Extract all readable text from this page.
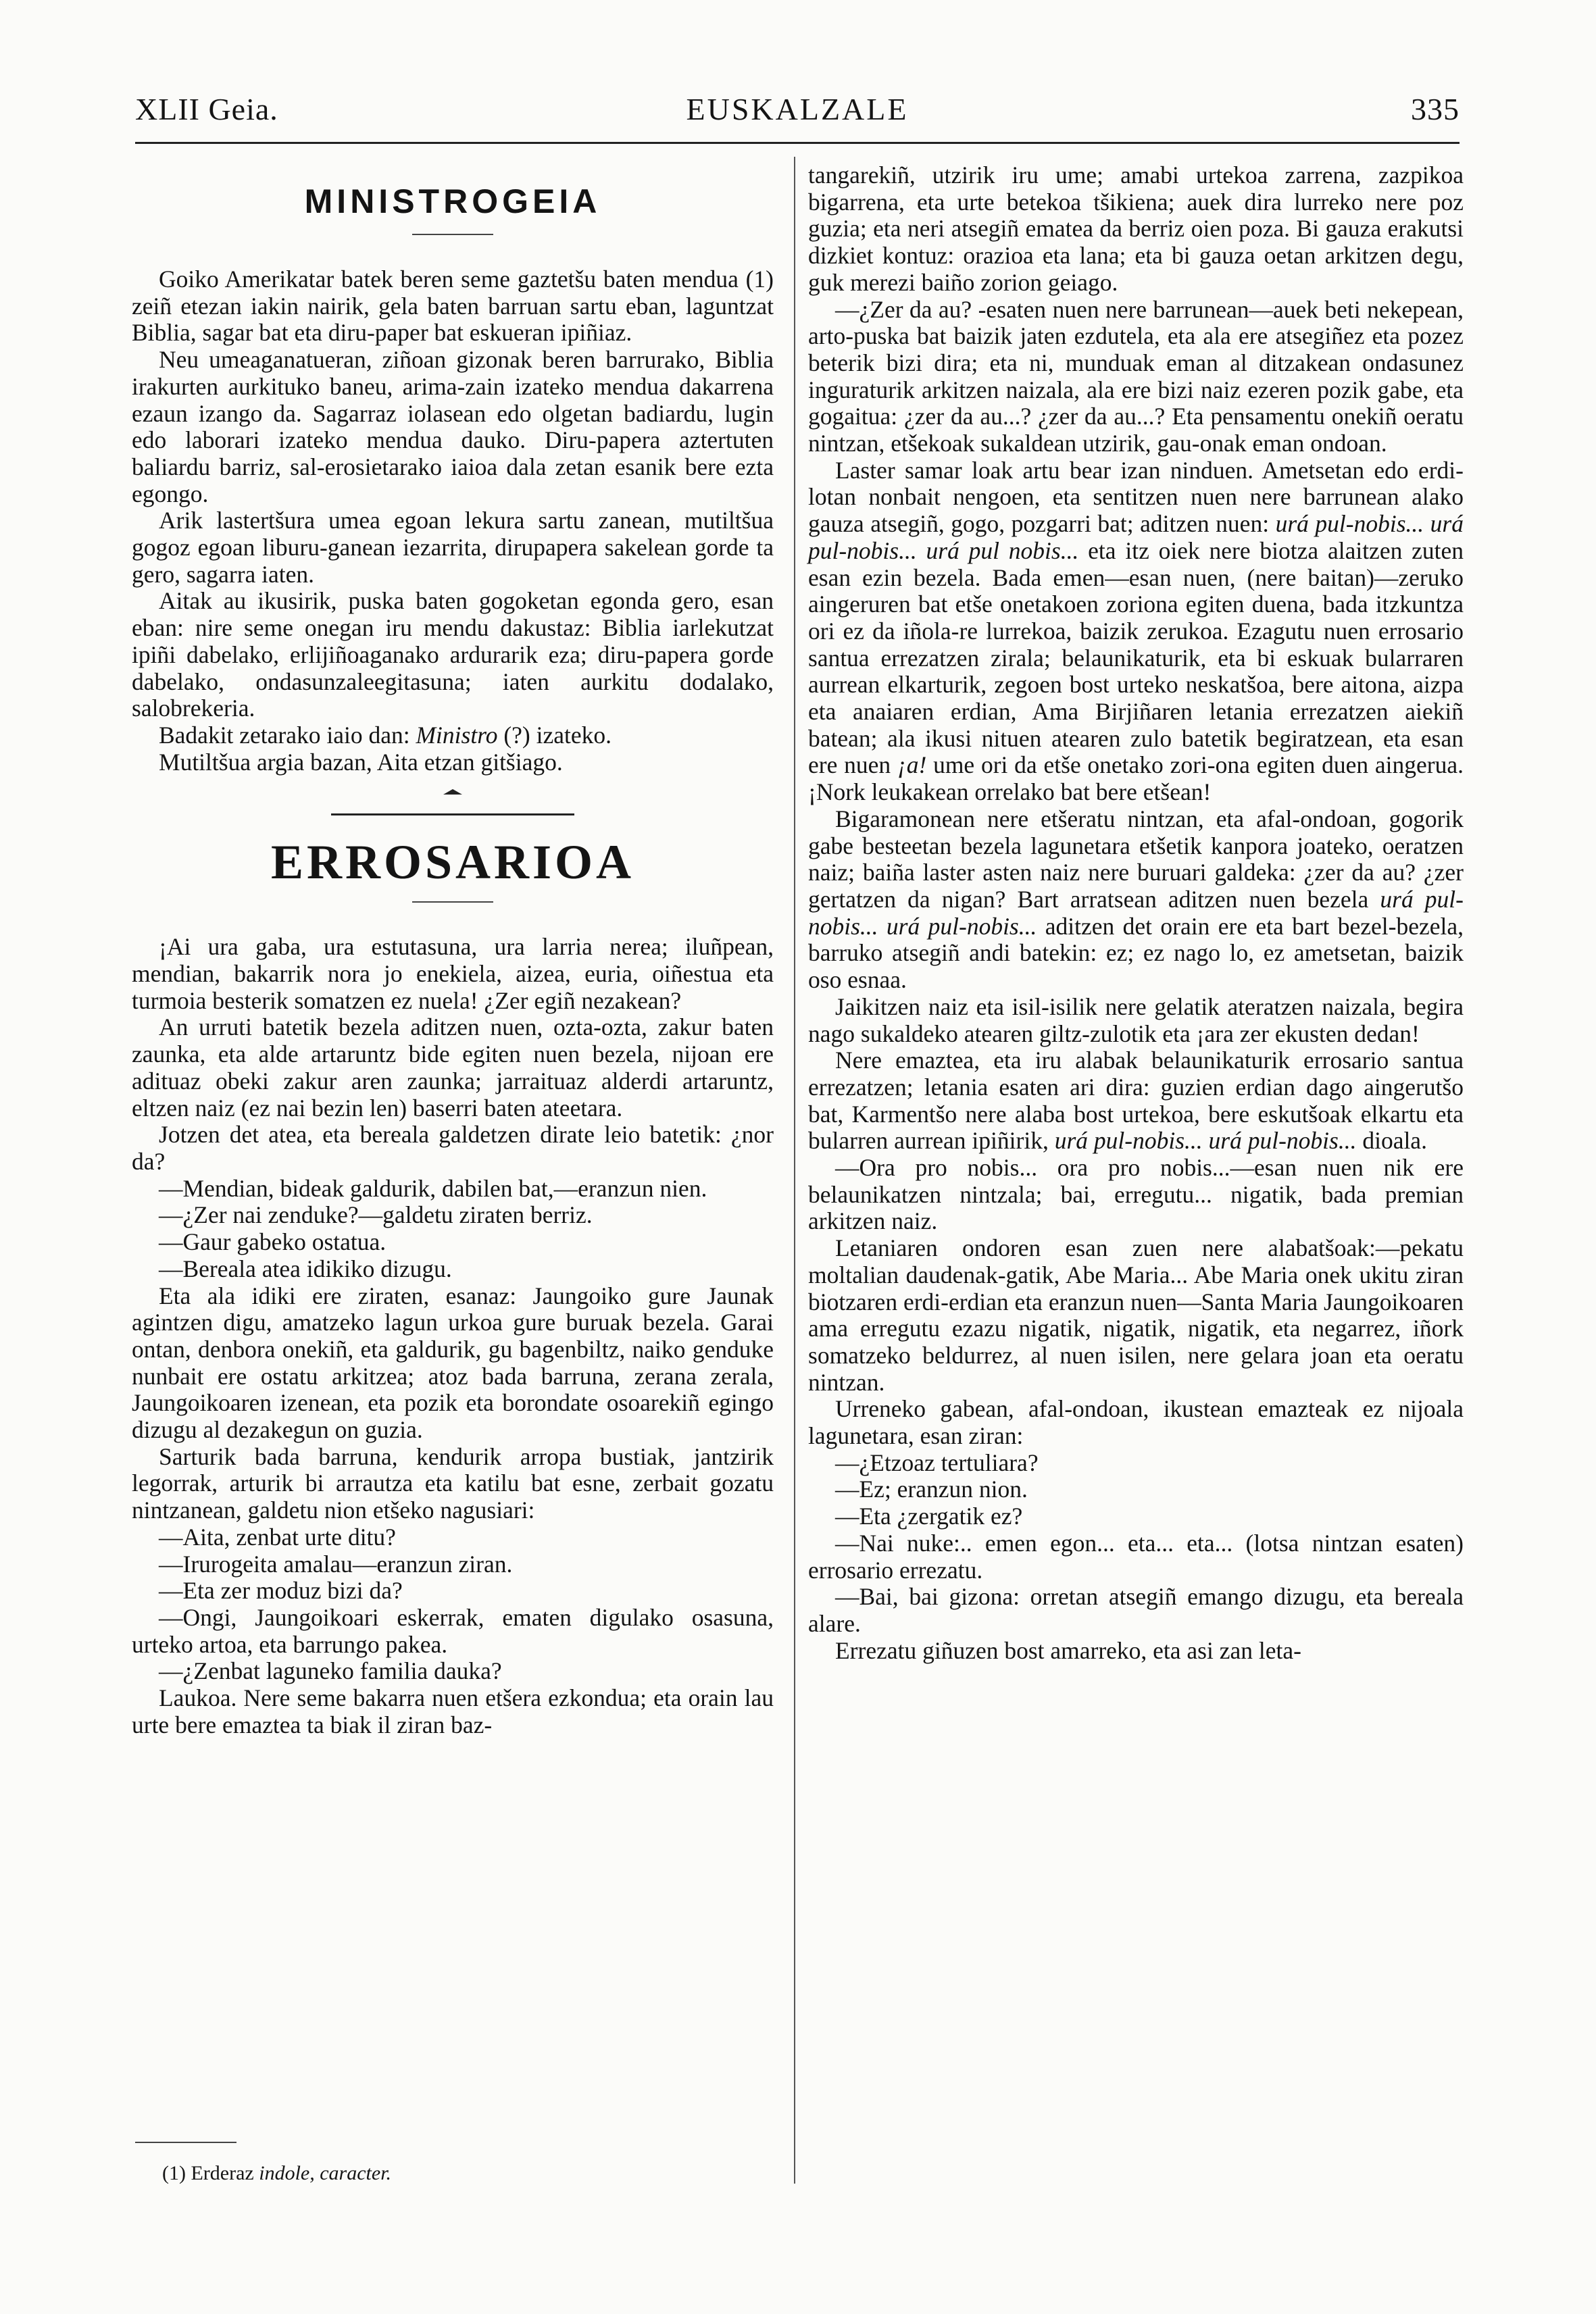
XLII Geia.	EUSKALZALE	335
MINISTROGEIA

Goiko Amerikatar batek beren seme gaztetšu baten mendua (1) zeiñ etezan iakin nairik, gela baten barruan sartu eban, laguntzat Biblia, sagar bat eta diru-paper bat eskueran ipiñiaz.

Neu umeaganatueran, ziñoan gizonak beren barrurako, Biblia irakurten aurkituko baneu, arima-zain izateko mendua dakarrena ezaun izango da. Sagarraz iolasean edo olgetan badiardu, lugin edo laborari izateko mendua dauko. Diru-papera aztertuten baliardu barriz, sal-erosietarako iaioa dala zetan esanik bere ezta egongo.

Arik lastertšura umea egoan lekura sartu zanean, mutiltšua gogoz egoan liburu-ganean iezarrita, dirupapera sakelean gorde ta gero, sagarra iaten.

Aitak au ikusirik, puska baten gogoketan egonda gero, esan eban: nire seme onegan iru mendu dakustaz: Biblia iarlekutzat ipiñi dabelako, erlijiñoaganako ardurarik eza; diru-papera gorde dabelako, ondasunzaleegitasuna; iaten aurkitu dodalako, salobrekeria.

Badakit zetarako iaio dan: Ministro (?) izateko.

Mutiltšua argia bazan, Aita etzan gitšiago.

ERROSARIOA

¡Ai ura gaba, ura estutasuna, ura larria nerea; iluñpean, mendian, bakarrik nora jo enekiela, aizea, euria, oiñestua eta turmoia besterik somatzen ez nuela! ¿Zer egiñ nezakean?

An urruti batetik bezela aditzen nuen, ozta-ozta, zakur baten zaunka, eta alde artaruntz bide egiten nuen bezela, nijoan ere adituaz obeki zakur aren zaunka; jarraituaz alderdi artaruntz, eltzen naiz (ez nai bezin len) baserri baten ateetara.

Jotzen det atea, eta bereala galdetzen dirate leio batetik: ¿nor da?

—Mendian, bideak galdurik, dabilen bat,—eranzun nien.

—¿Zer nai zenduke?—galdetu ziraten berriz.

—Gaur gabeko ostatua.

—Bereala atea idikiko dizugu.

Eta ala idiki ere ziraten, esanaz: Jaungoiko gure Jaunak agintzen digu, amatzeko lagun urkoa gure buruak bezela. Garai ontan, denbora onekiñ, eta galdurik, gu bagenbiltz, naiko genduke nunbait ere ostatu arkitzea; atoz bada barruna, zerana zerala, Jaungoikoaren izenean, eta pozik eta borondate osoarekiñ egingo dizugu al dezakegun on guzia.

Sarturik bada barruna, kendurik arropa bustiak, jantzirik legorrak, arturik bi arrautza eta katilu bat esne, zerbait gozatu nintzanean, galdetu nion etšeko nagusiari:

—Aita, zenbat urte ditu?

—Irurogeita amalau—eranzun ziran.

—Eta zer moduz bizi da?

—Ongi, Jaungoikoari eskerrak, ematen digulako osasuna, urteko artoa, eta barrungo pakea.

—¿Zenbat laguneko familia dauka?

Laukoa. Nere seme bakarra nuen etšera ezkondua; eta orain lau urte bere emaztea ta biak il ziran baz-

tangarekiñ, utzirik iru ume; amabi urtekoa zarrena, zazpikoa bigarrena, eta urte betekoa tšikiena; auek dira lurreko nere poz guzia; eta neri atsegiñ ematea da berriz oien poza. Bi gauza erakutsi dizkiet kontuz: orazioa eta lana; eta bi gauza oetan arkitzen degu, guk merezi baiño zorion geiago.

—¿Zer da au? -esaten nuen nere barrunean—auek beti nekepean, arto-puska bat baizik jaten ezdutela, eta ala ere atsegiñez eta pozez beterik bizi dira; eta ni, munduak eman al ditzakean ondasunez inguraturik arkitzen naizala, ala ere bizi naiz ezeren pozik gabe, eta gogaitua: ¿zer da au...? ¿zer da au...? Eta pensamentu onekiñ oeratu nintzan, etšekoak sukaldean utzirik, gau-onak eman ondoan.

Laster samar loak artu bear izan ninduen. Ametsetan edo erdi-lotan nonbait nengoen, eta sentitzen nuen nere barrunean alako gauza atsegiñ, gogo, pozgarri bat; aditzen nuen: urá pul-nobis... urá pul-nobis... urá pul nobis... eta itz oiek nere biotza alaitzen zuten esan ezin bezela. Bada emen—esan nuen, (nere baitan)—zeruko aingeruren bat etše onetakoen zoriona egiten duena, bada itzkuntza ori ez da iñola-re lurrekoa, baizik zerukoa. Ezagutu nuen errosario santua errezatzen zirala; belaunikaturik, eta bi eskuak bularraren aurrean elkarturik, zegoen bost urteko neskatšoa, bere aitona, aizpa eta anaiaren erdian, Ama Birjiñaren letania errezatzen aiekiñ batean; ala ikusi nituen atearen zulo batetik begiratzean, eta esan ere nuen ¡a! ume ori da etše onetako zori-ona egiten duen aingerua. ¡Nork leukakean orrelako bat bere etšean!

Bigaramonean nere etšeratu nintzan, eta afal-ondoan, gogorik gabe besteetan bezela lagunetara etšetik kanpora joateko, oeratzen naiz; baiña laster asten naiz nere buruari galdeka: ¿zer da au? ¿zer gertatzen da nigan? Bart arratsean aditzen nuen bezela urá pul-nobis... urá pul-nobis... aditzen det orain ere eta bart bezel-bezela, barruko atsegiñ andi batekin: ez; ez nago lo, ez ametsetan, baizik oso esnaa.

Jaikitzen naiz eta isil-isilik nere gelatik ateratzen naizala, begira nago sukaldeko atearen giltz-zulotik eta ¡ara zer ekusten dedan!

Nere emaztea, eta iru alabak belaunikaturik errosario santua errezatzen; letania esaten ari dira: guzien erdian dago aingerutšo bat, Karmentšo nere alaba bost urtekoa, bere eskutšoak elkartu eta bularren aurrean ipiñirik, urá pul-nobis... urá pul-nobis... dioala.

—Ora pro nobis... ora pro nobis...—esan nuen nik ere belaunikatzen nintzala; bai, erregutu... nigatik, bada premian arkitzen naiz.

Letaniaren ondoren esan zuen nere alabatšoak:—pekatu moltalian daudenak-gatik, Abe Maria... Abe Maria onek ukitu ziran biotzaren erdi-erdian eta eranzun nuen—Santa Maria Jaungoikoaren ama erregutu ezazu nigatik, nigatik, nigatik, eta negarrez, iñork somatzeko beldurrez, al nuen isilen, nere gelara joan eta oeratu nintzan.

Urreneko gabean, afal-ondoan, ikustean emazteak ez nijoala lagunetara, esan ziran:

—¿Etzoaz tertuliara?

—Ez; eranzun nion.

—Eta ¿zergatik ez?

—Nai nuke:.. emen egon... eta... eta... (lotsa nintzan esaten) errosario errezatu.

—Bai, bai gizona: orretan atsegiñ emango dizugu, eta bereala alare.

Errezatu giñuzen bost amarreko, eta asi zan leta-

(1) Erderaz indole, caracter.
